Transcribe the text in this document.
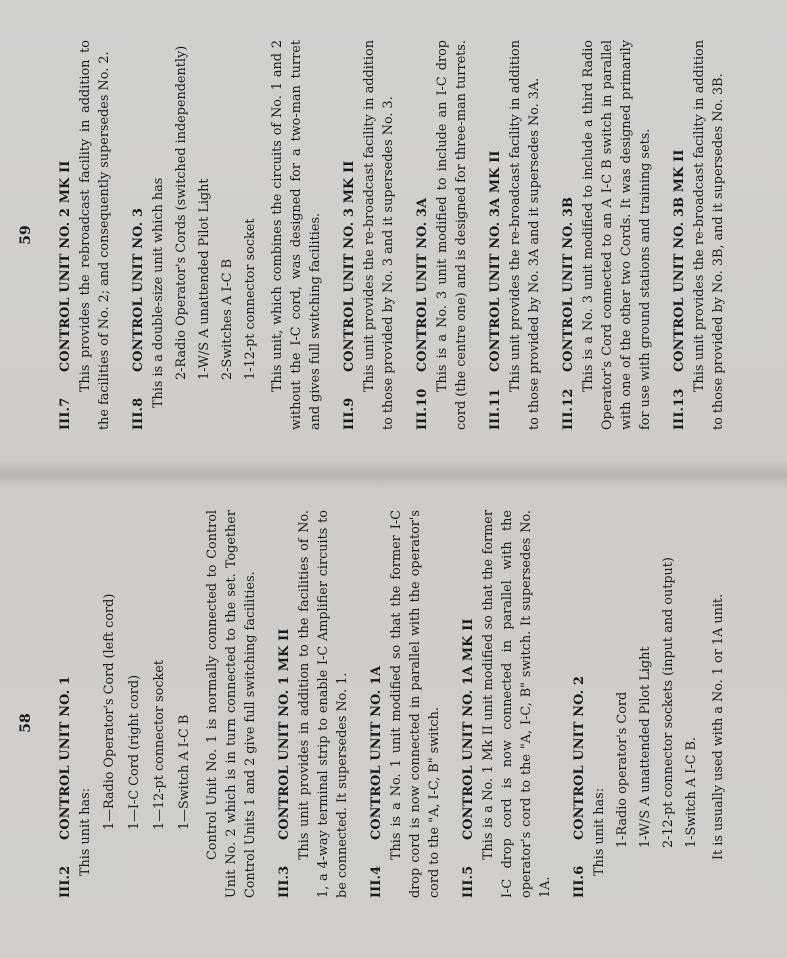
58
III.2
CONTROL UNIT NO. 1 This unit has:

1—Radio Operator's Cord (left cord) 1—I-C Cord (right cord) 1—12-pt connector socket 1—Switch A I-C B	Control Unit No. 1 is normally connected to Control Unit No. 2 which is in turn connected to the set. Together Control Units 1 and 2 give full switching facilities. III.3
CONTROL UNIT NO. 1 MK II This unit provides in addition to the facilities of No. 1, a 4-way terminal strip to enable I-C Amplifier circuits to be connected. It supersedes No. 1. III.4
CONTROL UNIT NO. 1A This is a No. 1 unit modified so that the former I-C drop cord is now connected in parallel with the operator's cord to the "A, I-C, B" switch. III.5
CONTROL UNIT NO. 1A MK II This is a No. 1 Mk II unit modified so that the former I-C drop cord is now connected in parallel with the operator's cord to the "A, I-C, B" switch. It supersedes No. 1A. III.6
CONTROL UNIT NO. 2 This unit has: 1-Radio operator's Cord 1-W/S A unattended Pilot Light 2-12-pt connector sockets (input and output) 1-Switch A I-C B. It is usually used with a No. 1 or 1A unit.

59
III.7
CONTROL UNIT NO. 2 MK II This provides the rebroadcast facility in addition to the facilities of No. 2; and consequently supersedes No. 2. III.8
CONTROL UNIT NO. 3 This is a double-size unit which has 2-Radio Operator's Cords (switched independently) 1-W/S A unattended Pilot Light 2-Switches A I-C B 1-12-pt connector socket This unit, which combines the circuits of No. 1 and 2 without the I-C cord, was designed for a two-man turret and gives full switching facilities. III.9
CONTROL UNIT NO. 3 MK II This unit provides the re-broadcast facility in addition to those provided by No. 3 and it supersedes No. 3. III.10
CONTROL UNIT NO. 3A This is a No. 3 unit modified to include an I-C drop cord (the centre one) and is designed for three-man turrets. III.11
CONTROL UNIT NO. 3A MK II This unit provides the re-broadcast facility in addition to those provided by No. 3A and it supersedes No. 3A. III.12
CONTROL UNIT NO. 3B This is a No. 3 unit modified to include a third Radio Operator's Cord connected to an A I-C B switch in parallel with one of the other two Cords. It was designed primarily for use with ground stations and training sets. III.13
CONTROL UNIT NO. 3B MK II This unit provides the re-broadcast facility in addition to those provided by No. 3B, and it supersedes No. 3B.
